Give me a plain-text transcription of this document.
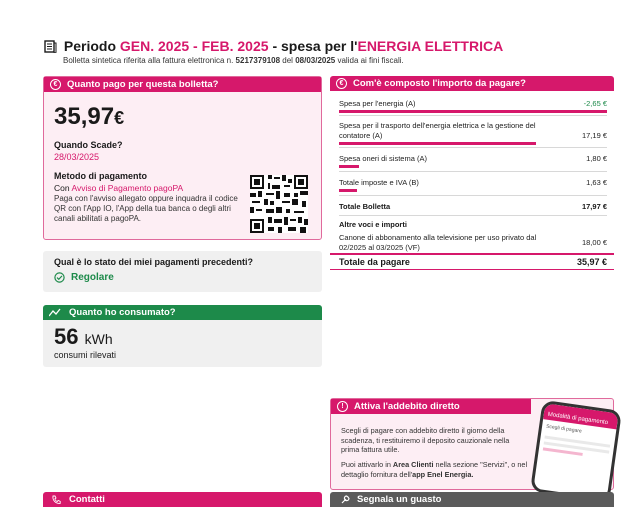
Periodo GEN. 2025 - FEB. 2025 - spesa per l'ENERGIA ELETTRICA
Bolletta sintetica riferita alla fattura elettronica n. 5217379108 del 08/03/2025 valida ai fini fiscali.
€	Quanto pago per questa bolletta?
35,97€
Quando Scade?
28/03/2025
Metodo di pagamento
Con Avviso di Pagamento pagoPA
Paga con l'avviso allegato oppure inquadra il codice QR con l'App IO, l'App della tua banca o degli altri canali abilitati a pagoPA.
Qual è lo stato dei miei pagamenti precedenti?
Regolare
Quanto ho consumato?
56 kWh
consumi rilevati
€	Com'è composto l'importo da pagare?
Spesa per l'energia (A)	-2,65 €
Spesa per il trasporto dell'energia elettrica e la gestione del contatore (A)	17,19 €
Spesa oneri di sistema (A)	1,80 €
Totale imposte e IVA (B)	1,63 €
Totale Bolletta	17,97 €
Altre voci e importi
Canone di abbonamento alla televisione per uso privato dal 02/2025 al 03/2025 (VF)	18,00 €
Totale da pagare	35,97 €
!	Attiva l'addebito diretto
Scegli di pagare con addebito diretto il giorno della scadenza, ti restituiremo il deposito cauzionale nella prima fattura utile.
Puoi attivarlo in Area Clienti nella sezione "Servizi", o nel dettaglio fornitura dell'app Enel Energia.
Modalità di pagamento
Scegli di pagare
Contatti	Segnala un guasto
